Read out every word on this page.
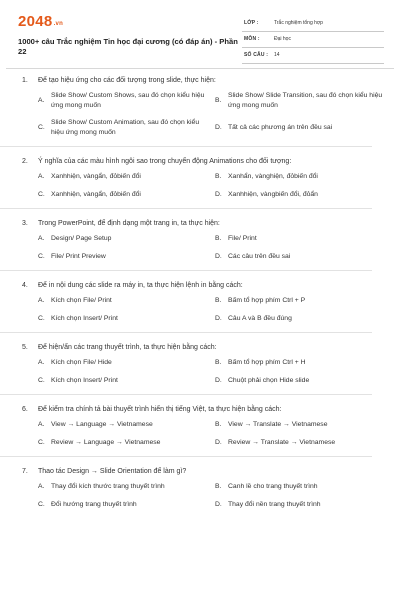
2048.vn
1000+ câu Trắc nghiệm Tin học đại cương (có đáp án) - Phần 22
LỚP :	Trắc nghiệm tổng hợp
MÔN :	Đại học
SỐ CÂU : 14
1. Để tạo hiệu ứng cho các đối tượng trong slide, thực hiện:
A.
Slide Show/ Custom Shows, sau đó chọn kiểu hiệu ứng mong muốn
B.
Slide Show/ Slide Transition, sau đó chọn kiểu hiệu ứng mong muốn
C.
Slide Show/ Custom Animation, sau đó chọn kiểu hiệu ứng mong muốn
D. Tất cả các phương án trên đều sai
2. Ý nghĩa của các màu hình ngôi sao trong chuyển động Animations cho đối tượng:
A. Xanhhiện, vàngẩn, đỏbiến đổi	B. Xanhẩn, vànghiện, đỏbiến đổi
C. Xanhhiện, vàngẩn, đỏbiến đổi	D. Xanhhiện, vàngbiến đổi, đỏẩn
3. Trong PowerPoint, để định dạng một trang in, ta thực hiện:
A. Design/ Page Setup	B. File/ Print
C. File/ Print Preview	D. Các câu trên đều sai
4. Để in nội dung các slide ra máy in, ta thực hiện lệnh in bằng cách:
A. Kích chọn File/ Print	B. Bấm tổ hợp phím Ctrl + P
C. Kích chọn Insert/ Print	D. Câu A và B đều đúng
5. Để hiện/ẩn các trang thuyết trình, ta thực hiện bằng cách:
A. Kích chọn File/ Hide	B. Bấm tổ hợp phím Ctrl + H
C. Kích chọn Insert/ Print	D. Chuột phải chọn Hide slide
6. Để kiểm tra chính tả bài thuyết trình hiển thị tiếng Việt, ta thực hiện bằng cách:
A. View → Language → Vietnamese	B. View → Translate → Vietnamese
C. Review → Language → Vietnamese	D. Review → Translate → Vietnamese
7. Thao tác Design → Slide Orientation để làm gì?
A. Thay đổi kích thước trang thuyết trình	B. Canh lề cho trang thuyết trình
C. Đổi hướng trang thuyết trình	D. Thay đổi nền trang thuyết trình
